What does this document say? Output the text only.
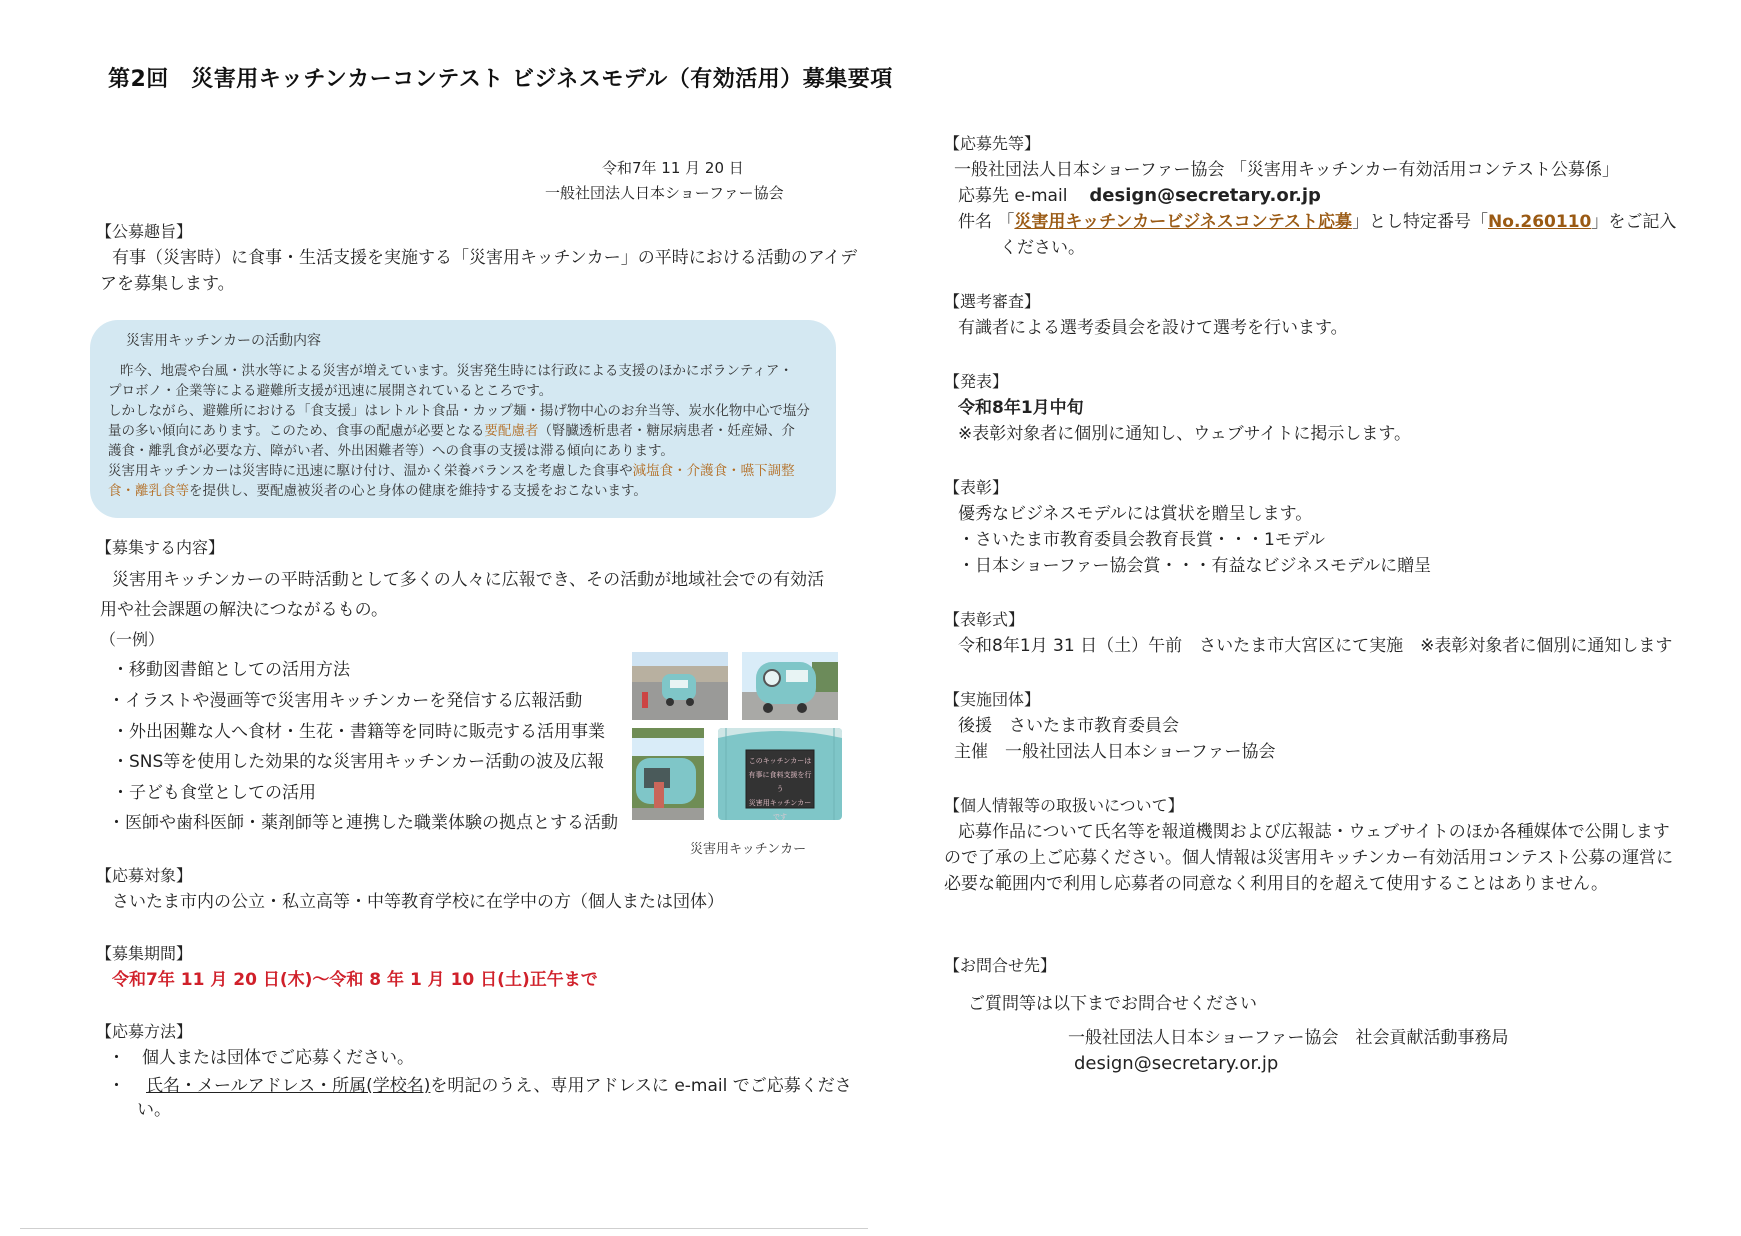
第2回　災害用キッチンカーコンテスト ビジネスモデル（有効活用）募集要項
令和7年 11 月 20 日
一般社団法人日本ショーファー協会
【公募趣旨】
有事（災害時）に食事・生活支援を実施する「災害用キッチンカー」の平時における活動のアイデ
アを募集します。
災害用キッチンカーの活動内容
昨今、地震や台風・洪水等による災害が増えています。災害発生時には行政による支援のほかにボランティア・
プロボノ・企業等による避難所支援が迅速に展開されているところです。
しかしながら、避難所における「食支援」はレトルト食品・カップ麺・揚げ物中心のお弁当等、炭水化物中心で塩分
量の多い傾向にあります。このため、食事の配慮が必要となる要配慮者（腎臓透析患者・糖尿病患者・妊産婦、介
護食・離乳食が必要な方、障がい者、外出困難者等）への食事の支援は滞る傾向にあります。
災害用キッチンカーは災害時に迅速に駆け付け、温かく栄養バランスを考慮した食事や減塩食・介護食・嚥下調整
食・離乳食等を提供し、要配慮被災者の心と身体の健康を維持する支援をおこないます。
【募集する内容】
災害用キッチンカーの平時活動として多くの人々に広報でき、その活動が地域社会での有効活
用や社会課題の解決につながるもの。
（一例）
・移動図書館としての活用方法
・イラストや漫画等で災害用キッチンカーを発信する広報活動
・外出困難な人へ食材・生花・書籍等を同時に販売する活用事業
・SNS等を使用した効果的な災害用キッチンカー活動の波及広報
・子ども食堂としての活用
・医師や歯科医師・薬剤師等と連携した職業体験の拠点とする活動
このキッチンカーは
有事に食料支援を行う
災害用キッチンカーです
災害用キッチンカー
【応募対象】
さいたま市内の公立・私立高等・中等教育学校に在学中の方（個人または団体）
【募集期間】
令和7年 11 月 20 日(木)～令和 8 年 1 月 10 日(土)正午まで
【応募方法】
・　個人または団体でご応募ください。
・ 氏名・メールアドレス・所属(学校名)を明記のうえ、専用アドレスに e-mail でご応募くださ
い。
【応募先等】
一般社団法人日本ショーファー協会 「災害用キッチンカー有効活用コンテスト公募係」
応募先 e-mail design@secretary.or.jp
件名 「災害用キッチンカービジネスコンテスト応募」とし特定番号「No.260110」をご記入
ください。
【選考審査】
有識者による選考委員会を設けて選考を行います。
【発表】
令和8年1月中旬
※表彰対象者に個別に通知し、ウェブサイトに掲示します。
【表彰】
優秀なビジネスモデルには賞状を贈呈します。
・さいたま市教育委員会教育長賞・・・1モデル
・日本ショーファー協会賞・・・有益なビジネスモデルに贈呈
【表彰式】
令和8年1月 31 日（土）午前　さいたま市大宮区にて実施　※表彰対象者に個別に通知します
【実施団体】
後援　さいたま市教育委員会
主催　一般社団法人日本ショーファー協会
【個人情報等の取扱いについて】
応募作品について氏名等を報道機関および広報誌・ウェブサイトのほか各種媒体で公開します
ので了承の上ご応募ください。個人情報は災害用キッチンカー有効活用コンテスト公募の運営に
必要な範囲内で利用し応募者の同意なく利用目的を超えて使用することはありません。
【お問合せ先】
ご質問等は以下までお問合せください
一般社団法人日本ショーファー協会　社会貢献活動事務局
design@secretary.or.jp
